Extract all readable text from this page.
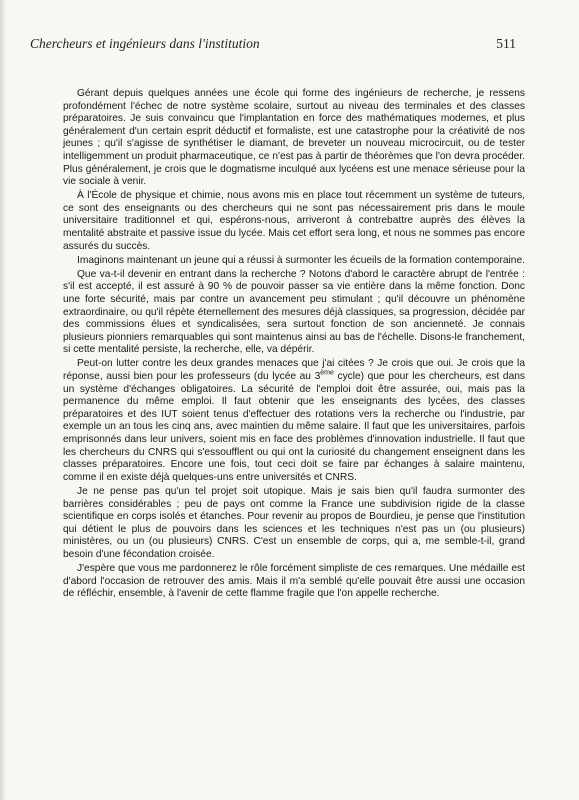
Chercheurs et ingénieurs dans l'institution	511

Gérant depuis quelques années une école qui forme des ingénieurs de recherche, je ressens profondément l'échec de notre système scolaire, surtout au niveau des terminales et des classes préparatoires. Je suis convaincu que l'implantation en force des mathématiques modernes, et plus généralement d'un certain esprit déductif et formaliste, est une catastrophe pour la créativité de nos jeunes ; qu'il s'agisse de synthétiser le diamant, de breveter un nouveau microcircuit, ou de tester intelligemment un produit pharmaceutique, ce n'est pas à partir de théorèmes que l'on devra procéder. Plus généralement, je crois que le dogmatisme inculqué aux lycéens est une menace sérieuse pour la vie sociale à venir.

À l'École de physique et chimie, nous avons mis en place tout récemment un système de tuteurs, ce sont des enseignants ou des chercheurs qui ne sont pas nécessairement pris dans le moule universitaire traditionnel et qui, espérons-nous, arriveront à contrebattre auprès des élèves la mentalité abstraite et passive issue du lycée. Mais cet effort sera long, et nous ne sommes pas encore assurés du succès.

Imaginons maintenant un jeune qui a réussi à surmonter les écueils de la formation contemporaine.

Que va-t-il devenir en entrant dans la recherche ? Notons d'abord le caractère abrupt de l'entrée : s'il est accepté, il est assuré à 90 % de pouvoir passer sa vie entière dans la même fonction. Donc une forte sécurité, mais par contre un avancement peu stimulant ; qu'il découvre un phénomène extraordinaire, ou qu'il répète éternellement des mesures déjà classiques, sa progression, décidée par des commissions élues et syndicalisées, sera surtout fonction de son ancienneté. Je connais plusieurs pionniers remarquables qui sont maintenus ainsi au bas de l'échelle. Disons-le franchement, si cette mentalité persiste, la recherche, elle, va dépérir.

Peut-on lutter contre les deux grandes menaces que j'ai citées ? Je crois que oui. Je crois que la réponse, aussi bien pour les professeurs (du lycée au 3ème cycle) que pour les chercheurs, est dans un système d'échanges obligatoires. La sécurité de l'emploi doit être assurée, oui, mais pas la permanence du même emploi. Il faut obtenir que les enseignants des lycées, des classes préparatoires et des IUT soient tenus d'effectuer des rotations vers la recherche ou l'industrie, par exemple un an tous les cinq ans, avec maintien du même salaire. Il faut que les universitaires, parfois emprisonnés dans leur univers, soient mis en face des problèmes d'innovation industrielle. Il faut que les chercheurs du CNRS qui s'essoufflent ou qui ont la curiosité du changement enseignent dans les classes préparatoires. Encore une fois, tout ceci doit se faire par échanges à salaire maintenu, comme il en existe déjà quelques-uns entre universités et CNRS.

Je ne pense pas qu'un tel projet soit utopique. Mais je sais bien qu'il faudra surmonter des barrières considérables ; peu de pays ont comme la France une subdivision rigide de la classe scientifique en corps isolés et étanches. Pour revenir au propos de Bourdieu, je pense que l'institution qui détient le plus de pouvoirs dans les sciences et les techniques n'est pas un (ou plusieurs) ministères, ou un (ou plusieurs) CNRS. C'est un ensemble de corps, qui a, me semble-t-il, grand besoin d'une fécondation croisée.

J'espère que vous me pardonnerez le rôle forcément simpliste de ces remarques. Une médaille est d'abord l'occasion de retrouver des amis. Mais il m'a semblé qu'elle pouvait être aussi une occasion de réfléchir, ensemble, à l'avenir de cette flamme fragile que l'on appelle recherche.
